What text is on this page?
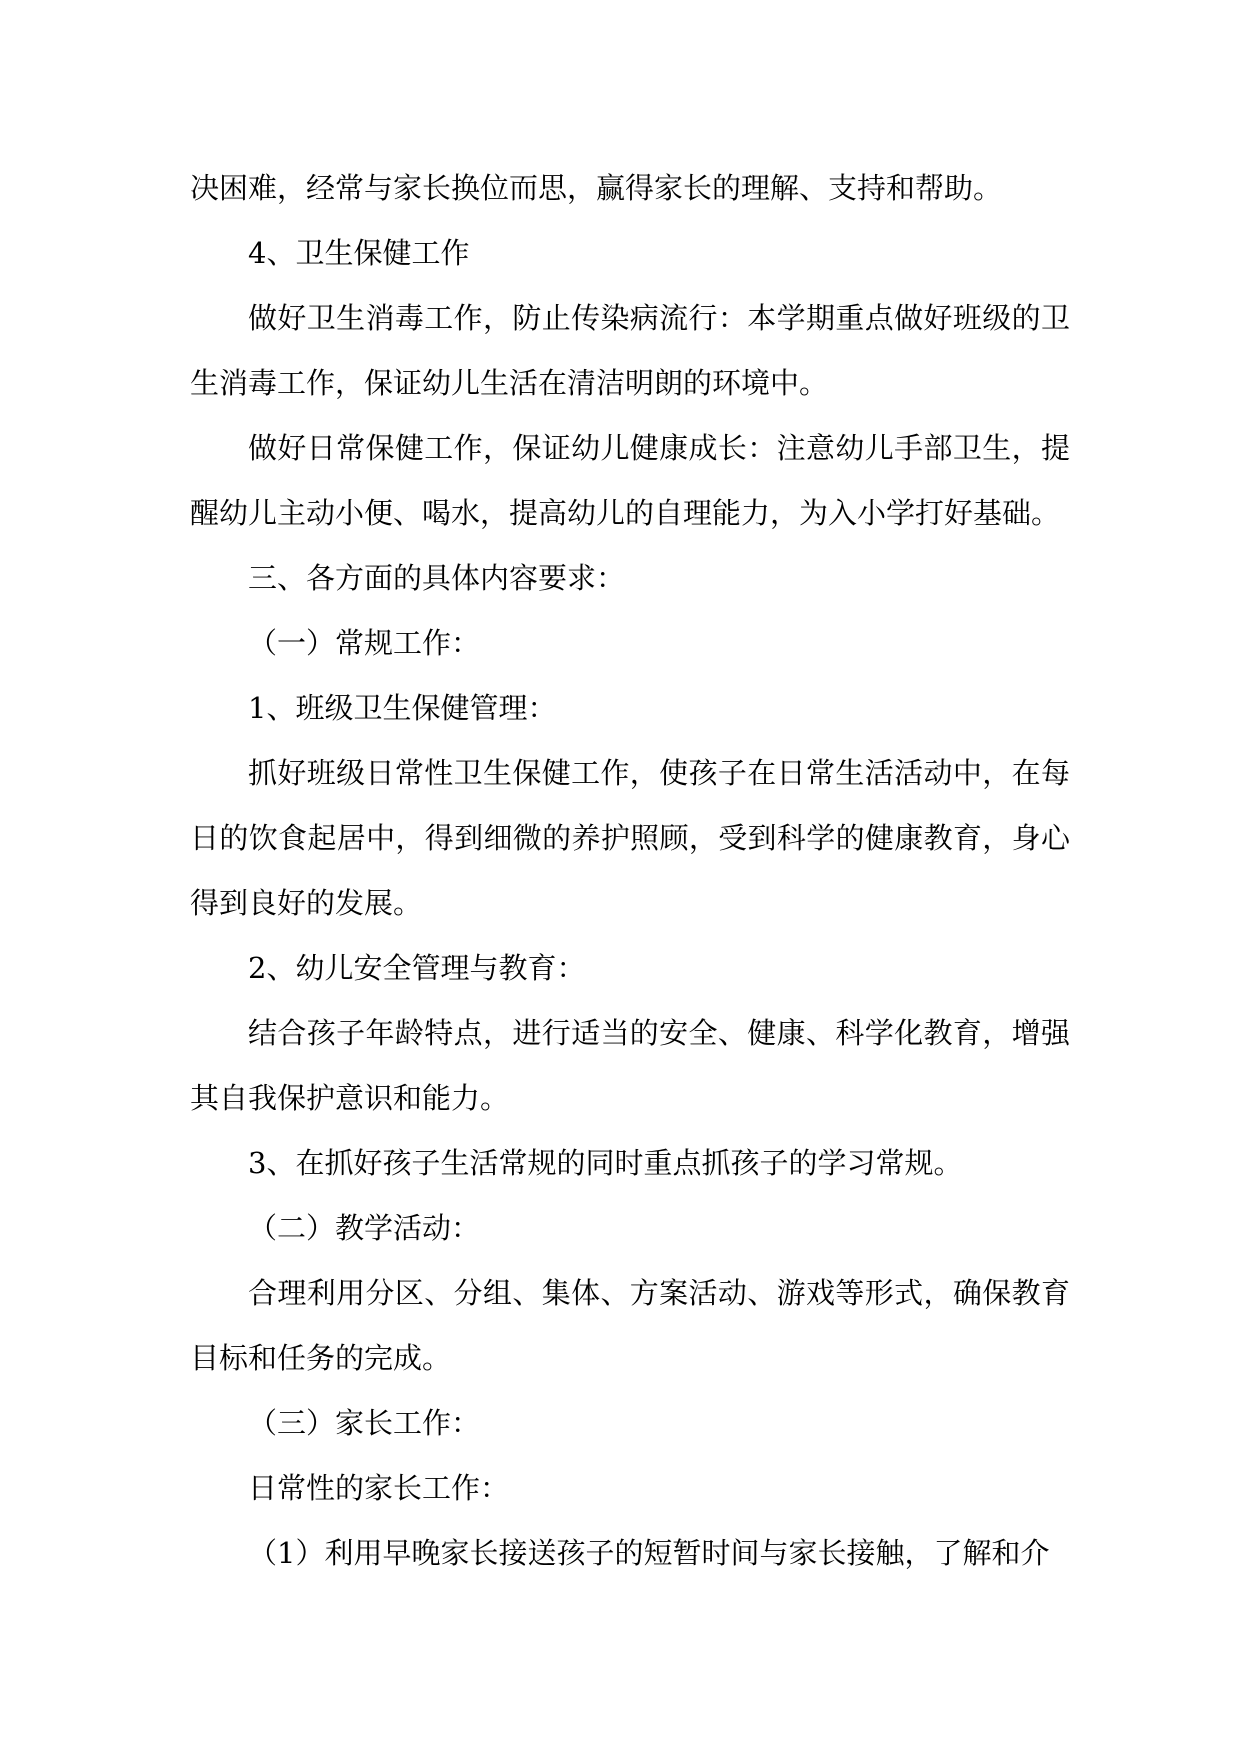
决困难，经常与家长换位而思，赢得家长的理解、支持和帮助。

4、卫生保健工作

做好卫生消毒工作，防止传染病流行：本学期重点做好班级的卫生消毒工作，保证幼儿生活在清洁明朗的环境中。

做好日常保健工作，保证幼儿健康成长：注意幼儿手部卫生，提醒幼儿主动小便、喝水，提高幼儿的自理能力，为入小学打好基础。

三、各方面的具体内容要求：

（一）常规工作：

1、班级卫生保健管理：

抓好班级日常性卫生保健工作，使孩子在日常生活活动中，在每日的饮食起居中，得到细微的养护照顾，受到科学的健康教育，身心得到良好的发展。

2、幼儿安全管理与教育：

结合孩子年龄特点，进行适当的安全、健康、科学化教育，增强其自我保护意识和能力。

3、在抓好孩子生活常规的同时重点抓孩子的学习常规。

（二）教学活动：

合理利用分区、分组、集体、方案活动、游戏等形式，确保教育目标和任务的完成。

（三）家长工作：

日常性的家长工作：

（1）利用早晚家长接送孩子的短暂时间与家长接触，了解和介
